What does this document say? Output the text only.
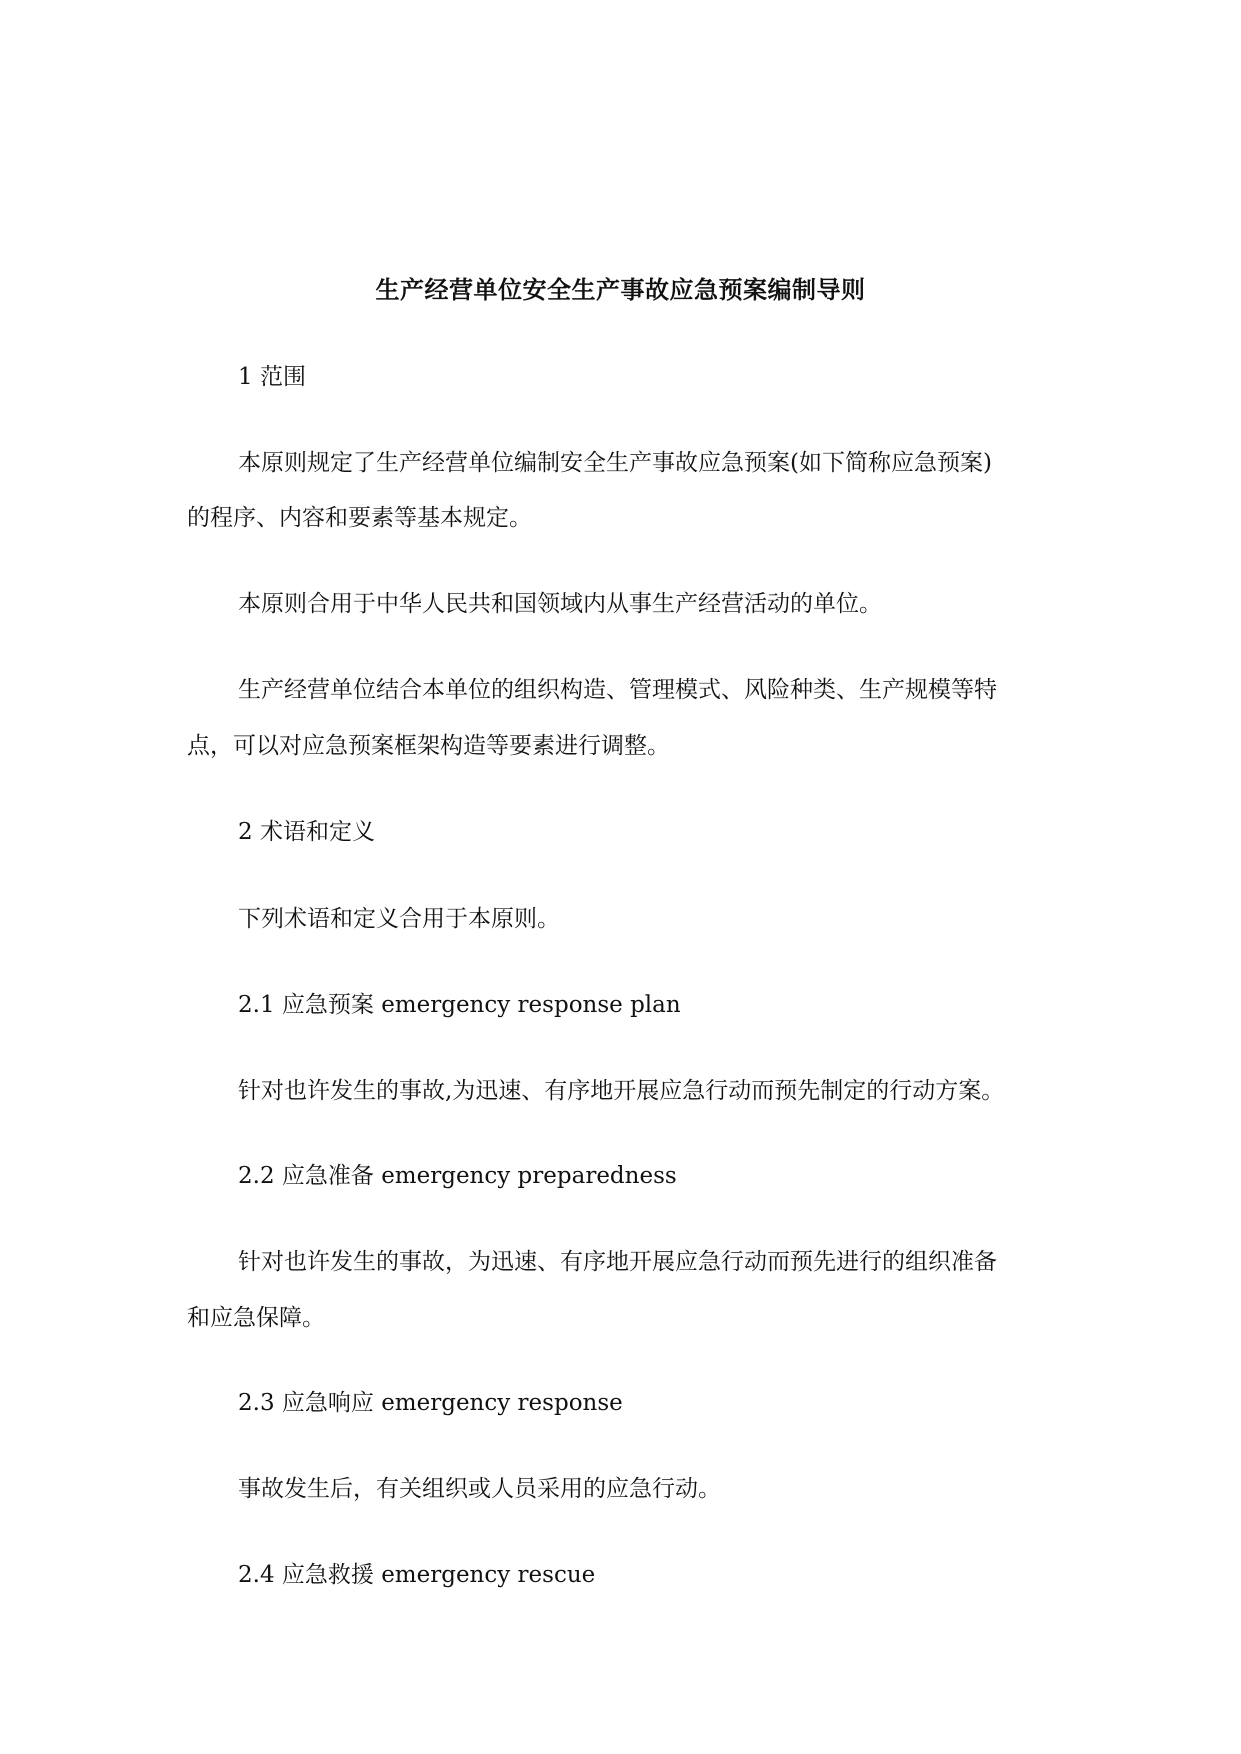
生产经营单位安全生产事故应急预案编制导则
1 范围
本原则规定了生产经营单位编制安全生产事故应急预案(如下简称应急预案)
的程序、内容和要素等基本规定。
本原则合用于中华人民共和国领域内从事生产经营活动的单位。
生产经营单位结合本单位的组织构造、管理模式、风险种类、生产规模等特
点，可以对应急预案框架构造等要素进行调整。
2 术语和定义
下列术语和定义合用于本原则。
2.1 应急预案 emergency response plan
针对也许发生的事故,为迅速、有序地开展应急行动而预先制定的行动方案。
2.2 应急准备 emergency preparedness
针对也许发生的事故，为迅速、有序地开展应急行动而预先进行的组织准备
和应急保障。
2.3 应急响应 emergency response
事故发生后，有关组织或人员采用的应急行动。
2.4 应急救援 emergency rescue
